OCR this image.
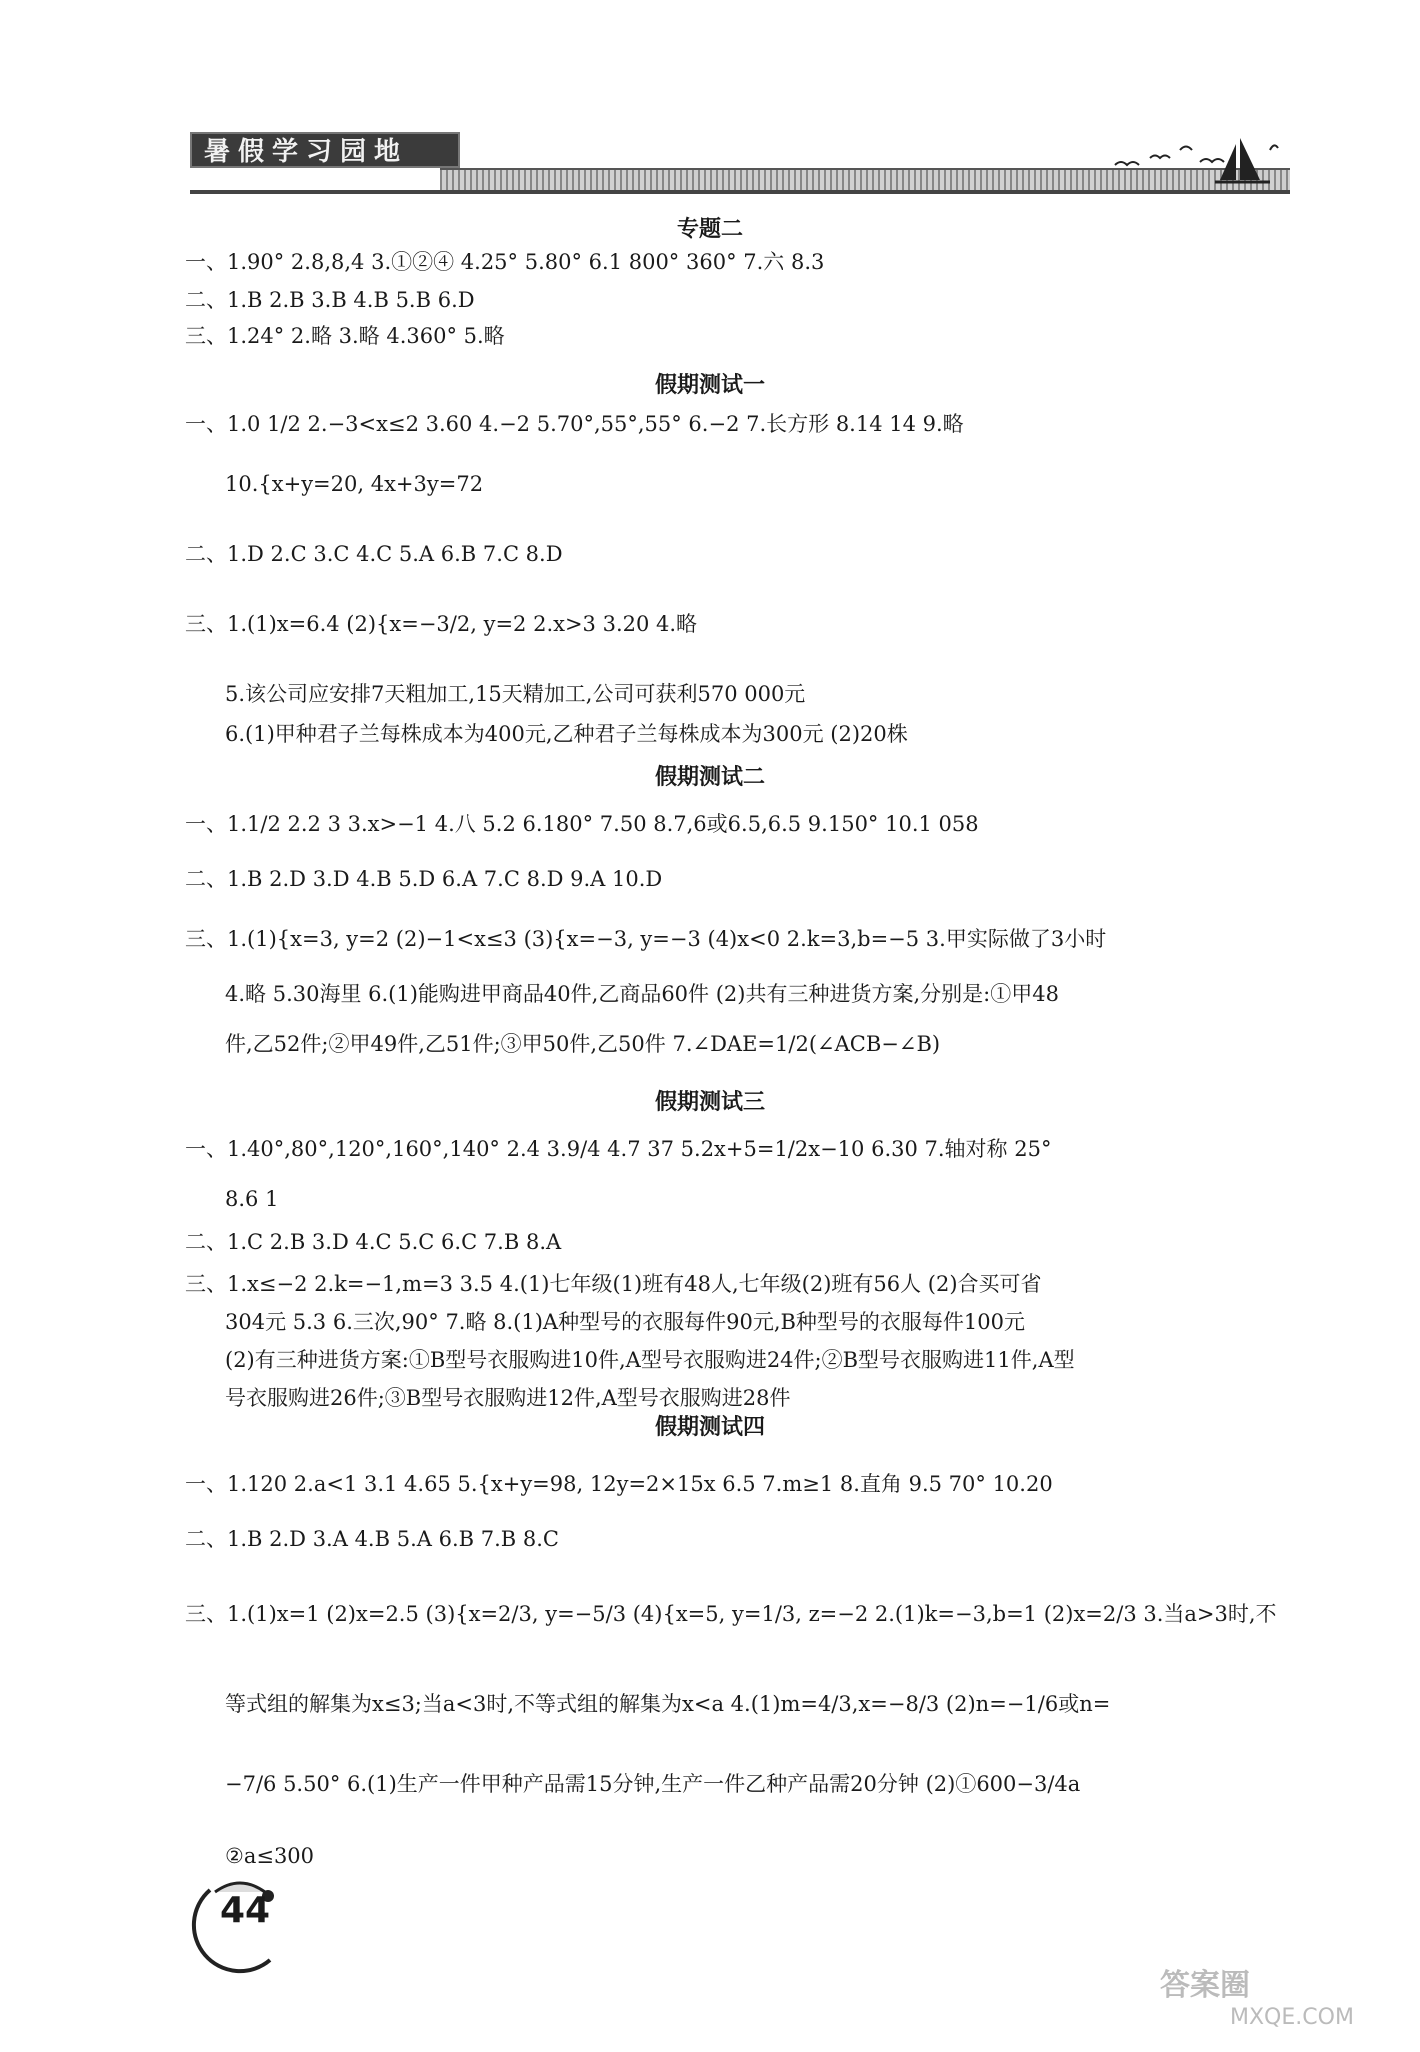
暑假学习园地
专题二
一、1.90° 2.8,8,4 3.①②④ 4.25° 5.80° 6.1 800° 360° 7.六 8.3
二、1.B 2.B 3.B 4.B 5.B 6.D
三、1.24° 2.略 3.略 4.360° 5.略
假期测试一
一、1.0 1/2 2.−3<x≤2 3.60 4.−2 5.70°,55°,55° 6.−2 7.长方形 8.14 14 9.略
10.{x+y=20, 4x+3y=72
二、1.D 2.C 3.C 4.C 5.A 6.B 7.C 8.D
三、1.(1)x=6.4 (2){x=−3/2, y=2 2.x>3 3.20 4.略
5.该公司应安排7天粗加工,15天精加工,公司可获利570 000元
6.(1)甲种君子兰每株成本为400元,乙种君子兰每株成本为300元 (2)20株
假期测试二
一、1.1/2 2.2 3 3.x>−1 4.八 5.2 6.180° 7.50 8.7,6或6.5,6.5 9.150° 10.1 058
二、1.B 2.D 3.D 4.B 5.D 6.A 7.C 8.D 9.A 10.D
三、1.(1){x=3, y=2 (2)−1<x≤3 (3){x=−3, y=−3 (4)x<0 2.k=3,b=−5 3.甲实际做了3小时
4.略 5.30海里 6.(1)能购进甲商品40件,乙商品60件 (2)共有三种进货方案,分别是:①甲48
件,乙52件;②甲49件,乙51件;③甲50件,乙50件 7.∠DAE=1/2(∠ACB−∠B)
假期测试三
一、1.40°,80°,120°,160°,140° 2.4 3.9/4 4.7 37 5.2x+5=1/2x−10 6.30 7.轴对称 25°
8.6 1
二、1.C 2.B 3.D 4.C 5.C 6.C 7.B 8.A
三、1.x≤−2 2.k=−1,m=3 3.5 4.(1)七年级(1)班有48人,七年级(2)班有56人 (2)合买可省
304元 5.3 6.三次,90° 7.略 8.(1)A种型号的衣服每件90元,B种型号的衣服每件100元
(2)有三种进货方案:①B型号衣服购进10件,A型号衣服购进24件;②B型号衣服购进11件,A型
号衣服购进26件;③B型号衣服购进12件,A型号衣服购进28件
假期测试四
一、1.120 2.a<1 3.1 4.65 5.{x+y=98, 12y=2×15x 6.5 7.m≥1 8.直角 9.5 70° 10.20
二、1.B 2.D 3.A 4.B 5.A 6.B 7.B 8.C
三、1.(1)x=1 (2)x=2.5 (3){x=2/3, y=−5/3 (4){x=5, y=1/3, z=−2 2.(1)k=−3,b=1 (2)x=2/3 3.当a>3时,不
等式组的解集为x≤3;当a<3时,不等式组的解集为x<a 4.(1)m=4/3,x=−8/3 (2)n=−1/6或n=
−7/6 5.50° 6.(1)生产一件甲种产品需15分钟,生产一件乙种产品需20分钟 (2)①600−3/4a
②a≤300
44
答案圈
MXQE.COM
